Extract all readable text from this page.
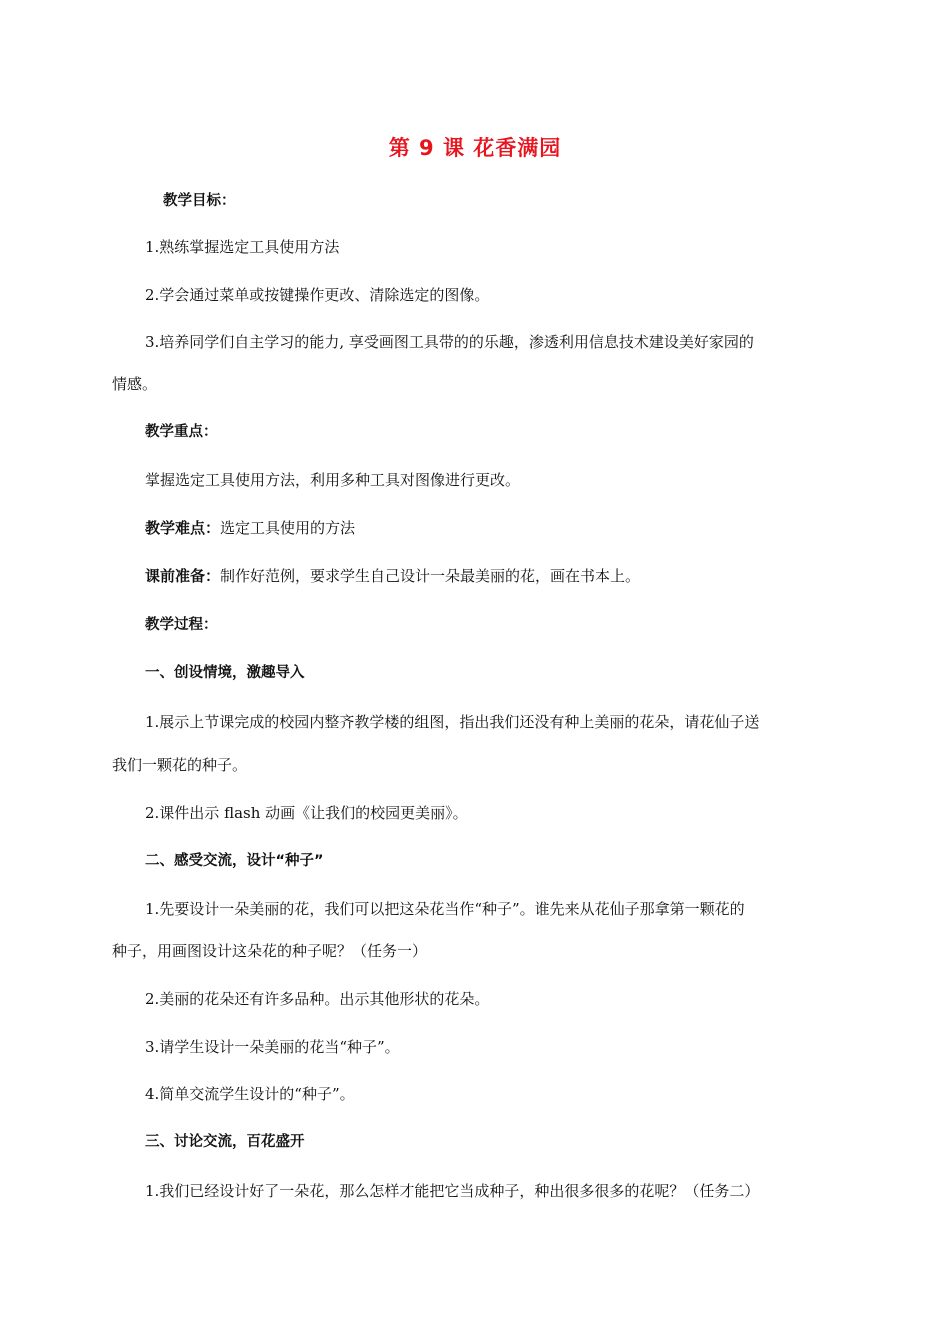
第 9 课 花香满园
教学目标：
1.熟练掌握选定工具使用方法
2.学会通过菜单或按键操作更改、清除选定的图像。
3.培养同学们自主学习的能力, 享受画图工具带的的乐趣，渗透利用信息技术建设美好家园的
情感。
教学重点：
掌握选定工具使用方法，利用多种工具对图像进行更改。
教学难点：选定工具使用的方法
课前准备：制作好范例，要求学生自己设计一朵最美丽的花，画在书本上。
教学过程：
一、创设情境，激趣导入
1.展示上节课完成的校园内整齐教学楼的组图，指出我们还没有种上美丽的花朵，请花仙子送
我们一颗花的种子。
2.课件出示 flash 动画《让我们的校园更美丽》。
二、感受交流，设计“种子”
1.先要设计一朵美丽的花，我们可以把这朵花当作“种子”。谁先来从花仙子那拿第一颗花的
种子，用画图设计这朵花的种子呢？（任务一）
2.美丽的花朵还有许多品种。出示其他形状的花朵。
3.请学生设计一朵美丽的花当“种子”。
4.简单交流学生设计的“种子”。
三、讨论交流，百花盛开
1.我们已经设计好了一朵花，那么怎样才能把它当成种子，种出很多很多的花呢？（任务二）
